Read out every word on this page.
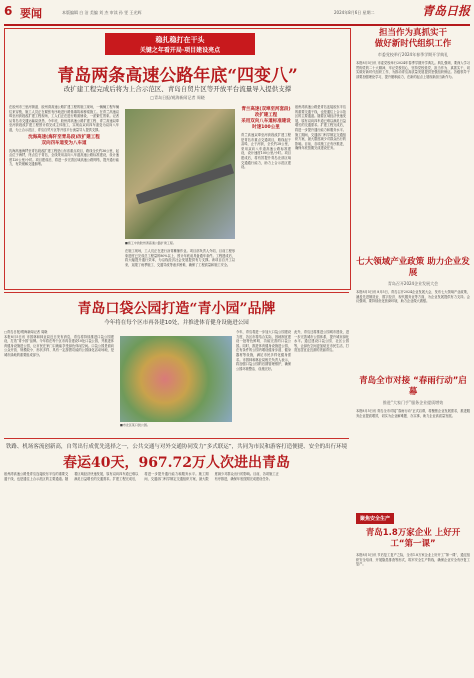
6 要闻	本版编辑 白 洁 美编 刘 杰 审读 孙 雯 王光辉	2024年8月6日 星期二	青岛日报
稳扎稳打在干头
关键之年看开局·项目建设亮点
青岛两条高速公路年底“四变八”
改扩建工程完成后将为上合示范区、青岛自贸片区等开放平台流量导入提供支撑
□青岛日报/观海新闻记者 周晓
在胶州市三里河街道、胶州湾高速公路扩建工程的施工现场，一辆辆工程车辆往来穿梭，施工人员正在紧张有序地进行路基填筑和桥梁施工。在青兰高速双埠至河套段改扩建工程现场，工人们正在进行路面铺设，一派繁忙景象。记者从青岛市交通运输局获悉，今年底，胶州湾高速公路扩建工程、青兰高速双埠至河套段改扩建工程预计将完成主体施工，实现由双向四车道变为双向八车道，为上合示范区、青岛自贸片区等开放平台流量导入提供支撑。
沈海高速(海阡至青岛段)改扩建工程
双向四车道变为八车道
沈海高速海阡至青岛段改扩建工程是山东省重点项目，路线全长约36公里，起点位于海阡，终点位于青岛，全线采用双向八车道高速公路标准建设，设计速度120公里/小时。项目建成后，将进一步完善区域高速公路网络，提升通行能力，有效缓解交通拥堵。
■施工中的胶州湾高速公路扩建工程。
在施工现场，工人们正在进行沥青摊铺作业。项目部负责人介绍，目前工程形象进度已完成总工程量的80%以上，预计年底前具备通车条件。工程建成后，将大幅提升通行效率，为沿线经济社会发展提供有力支撑。该项目自开工以来，克服了雨季施工、交通导改等诸多困难，确保了工程质量和施工安全。
青兰高速(双埠至河套段)改扩建工程
采用双向八车道标准建设时速100公里
青兰高速双埠至河套段改扩建工程是青岛市重点交通项目，路线起于双埠，止于河套，全长约28公里，采用双向八车道高速公路标准建设，设计速度100公里/小时。项目建成后，将有效提升青岛北部区域交通通行能力，助力上合示范区建设。
胶州湾高速公路是青岛连接胶东半岛的重要交通干线，也是通往上合示范区的主要通道。随着区域经济快速发展，原有双向四车道已难以满足日益增长的交通需求。扩建工程完成后，将进一步提升通行能力和服务水平。施工期间，交通部门科学制定交通组织方案，最大限度减少对群众出行的影响。目前，各项施工正有序推进，确保年底按期完成建设任务。
担当作为真抓实干
做好新时代组织工作
市委党校举行2024年春季学期开学典礼
本报8月5日讯 市委党校举行2024年春季学期开学典礼。典礼强调，要深入学习贯彻党的二十大精神，牢记党校初心，坚持党校姓党，担当作为、真抓实干，切实做好新时代组织工作，为推动青岛高质量发展提供坚强组织保证。各级领导干部要加强理论学习，提升履职能力，在新的起点上展现新担当新作为。
七大领域产业政策 助力企业发展
青岛召开2024企业发展大会
本报8月5日讯 8月5日，青岛召开2024企业发展大会，发布七大领域产业政策，涵盖先进制造业、数字经济、现代服务业等方面，为企业发展提供有力支持。会议强调，要持续优化营商环境，助力企业做大做强。
青岛全市对接 “春雨行动”启幕
推进“大家门手”服务企业提质增效
本报8月5日讯 青岛全市对接“春雨行动”正式启幕，将聚焦企业发展需求，推进服务企业提质增效，切实为企业解难题、办实事，助力企业高质量发展。
聚焦安全生产
青岛1.8万家企业 上好开工“第一课”
本报8月5日讯 节后复工复产之际，全市1.8万家企业上好开工“第一课”，通过组织安全培训、开展隐患排查等形式，筑牢安全生产防线，确保企业安全有序复工复产。
青岛口袋公园打造“青小园”品牌
今年将在每个区市再各建10处，并推进体育健身设施进公园
□青岛日报/观海新闻记者 周晓
本报8月5日讯 市园林和林业局近日发布消息，青岛将持续推进口袋公园建设，打造“青小园”品牌。今年将在每个区市再各建设10处口袋公园，并推进体育健身设施进公园，让市民在家门口就能享受绿色休闲空间。口袋公园是面向公众开放、规模较小、形状多样、具有一定游憩功能的公园绿化活动场地，是城市绿地的重要组成部分。
■市北区某口袋公园。
今年，青岛将进一步加大口袋公园建设力度，各区市将结合实际，因地制宜建设一批特色鲜明、功能完善的口袋公园。同时，推进体育健身设施进公园，在有条件的公园内增设健身步道、健身器材等设施，满足市民多样化健身需求。市园林和林业局相关负责人表示，将加强口袋公园的后期管理维护，确保公园环境整洁、设施完好。
此外，青岛还将推进公园城市建设，进一步完善城市公园体系，提升城市绿化水平。通过建设口袋公园、社区公园等，让绿色空间更加贴近市民生活，打造宜居宜业宜游的美丽青岛。
铁路、机场客流创新高，自驾出行成优先选择之一，公共交通与对外交通协同发力“多式联运”，共同为市民和游客打造便捷、安全的出行环境
春运40天，967.72万人次进出青岛
胶州湾高速公路是青岛连接胶东半岛的重要交通干线，也是通往上合示范区的主要通道。随着区域经济快速发展，原有双向四车道已难以满足日益增长的交通需求。扩建工程完成后，将进一步提升通行能力和服务水平。施工期间，交通部门科学制定交通组织方案，最大限度减少对群众出行的影响。目前，各项施工正有序推进，确保年底按期完成建设任务。
